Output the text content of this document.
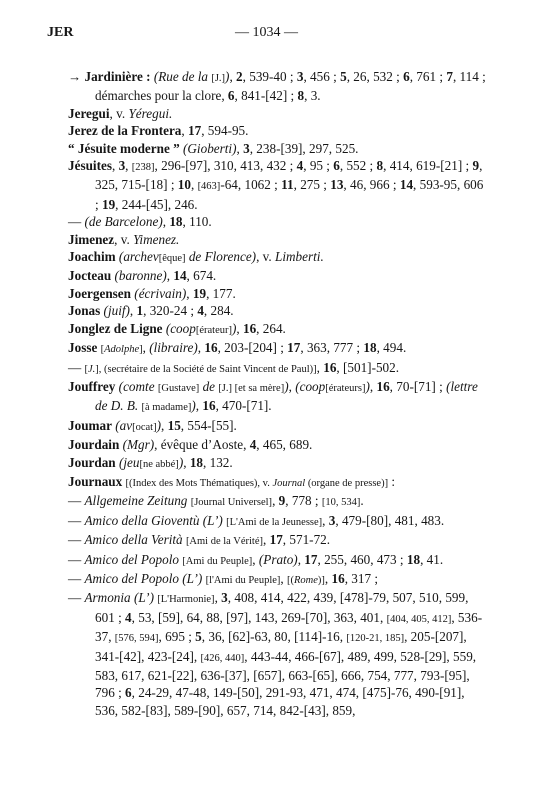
JER	— 1034 —

→ Jardinière : (Rue de la [J.]), 2, 539-40 ; 3, 456 ; 5, 26, 532 ; 6, 761 ; 7, 114 ; démarches pour la clore, 6, 841-[42] ; 8, 3.

Jeregui, v. Yéregui.

Jerez de la Frontera, 17, 594-95.

“ Jésuite moderne ” (Gioberti), 3, 238-[39], 297, 525.

Jésuites, 3, [238], 296-[97], 310, 413, 432 ; 4, 95 ; 6, 552 ; 8, 414, 619-[21] ; 9, 325, 715-[18] ; 10, [463]-64, 1062 ; 11, 275 ; 13, 46, 966 ; 14, 593-95, 606 ; 19, 244-[45], 246.

— (de Barcelone), 18, 110.

Jimenez, v. Yimenez.

Joachim (archev[êque] de Florence), v. Limberti.

Jocteau (baronne), 14, 674.

Joergensen (écrivain), 19, 177.

Jonas (juif), 1, 320-24 ; 4, 284.

Jonglez de Ligne (coop[érateur]), 16, 264.

Josse [Adolphe], (libraire), 16, 203-[204] ; 17, 363, 777 ; 18, 494.

— [J.], (secrétaire de la Société de Saint Vincent de Paul)], 16, [501]-502.

Jouffrey (comte [Gustave] de [J.] [et sa mère]), (coop[érateurs]), 16, 70-[71] ; (lettre de D. B. [à madame]), 16, 470-[71].

Joumar (av[ocat]), 15, 554-[55].

Jourdain (Mgr), évêque d’Aoste, 4, 465, 689.

Jourdan (jeu[ne abbé]), 18, 132.

Journaux [(Index des Mots Thématiques), v. Journal (organe de presse)] :

— Allgemeine Zeitung [Journal Universel], 9, 778 ; [10, 534].

— Amico della Gioventù (L’) [L'Ami de la Jeunesse], 3, 479-[80], 481, 483.

— Amico della Verità [Ami de la Vérité], 17, 571-72.

— Amico del Popolo [Ami du Peuple], (Prato), 17, 255, 460, 473 ; 18, 41.

— Amico del Popolo (L’) [l'Ami du Peuple], [(Rome)], 16, 317 ;

— Armonia (L’) [L'Harmonie], 3, 408, 414, 422, 439, [478]-79, 507, 510, 599, 601 ; 4, 53, [59], 64, 88, [97], 143, 269-[70], 363, 401, [404, 405, 412], 536-37, [576, 594], 695 ; 5, 36, [62]-63, 80, [114]-16, [120-21, 185], 205-[207], 341-[42], 423-[24], [426, 440], 443-44, 466-[67], 489, 499, 528-[29], 559, 583, 617, 621-[22], 636-[37], [657], 663-[65], 666, 754, 777, 793-[95], 796 ; 6, 24-29, 47-48, 149-[50], 291-93, 471, 474, [475]-76, 490-[91], 536, 582-[83], 589-[90], 657, 714, 842-[43], 859,
